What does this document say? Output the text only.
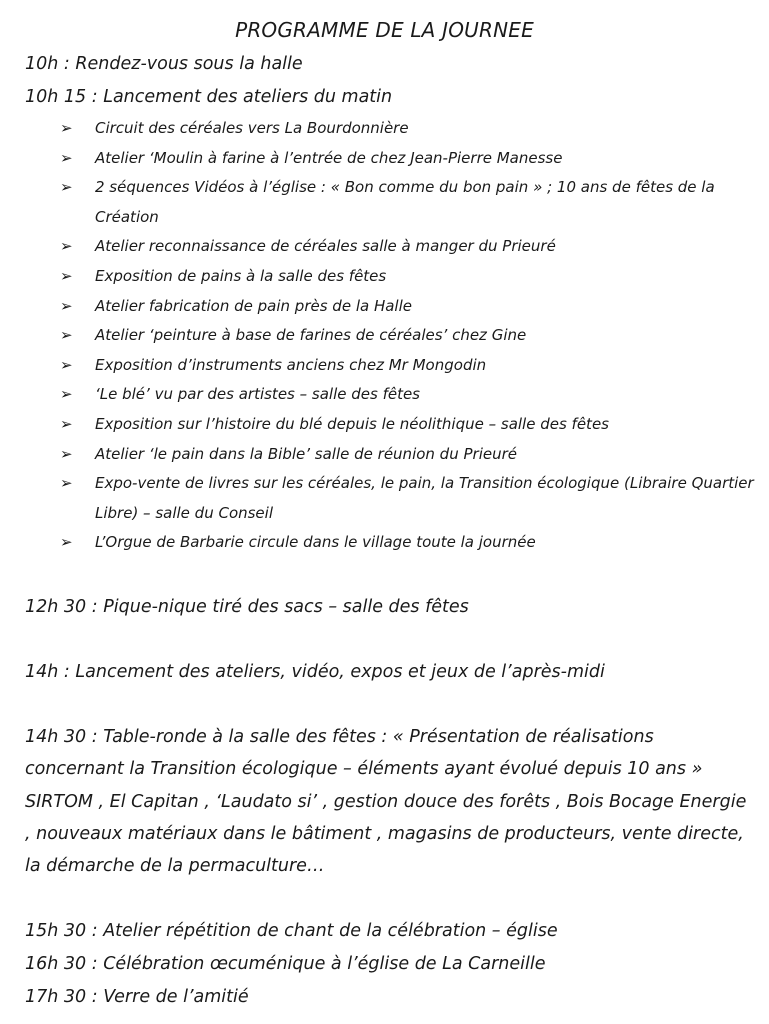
PROGRAMME DE LA JOURNEE
10h : Rendez-vous sous la halle
10h 15 : Lancement des ateliers du matin
➢	Circuit des céréales vers La Bourdonnière
➢	Atelier ‘Moulin à farine à l’entrée de chez Jean-Pierre Manesse
➢	2 séquences Vidéos à l’église : « Bon comme du bon pain » ; 10 ans de fêtes de la Création
➢	Atelier reconnaissance de céréales salle à manger du Prieuré
➢	Exposition de pains à la salle des fêtes
➢	Atelier fabrication de pain près de la Halle
➢	Atelier ‘peinture à base de farines de céréales’ chez Gine
➢	Exposition d’instruments anciens chez Mr Mongodin
➢	‘Le blé’ vu par des artistes – salle des fêtes
➢	Exposition sur l’histoire du blé depuis le néolithique – salle des fêtes
➢	Atelier ‘le pain dans la Bible’ salle de réunion du Prieuré
➢	Expo-vente de livres sur les céréales, le pain, la Transition écologique (Libraire Quartier Libre) – salle du Conseil
➢	L’Orgue de Barbarie circule dans le village toute la journée
12h 30 : Pique-nique tiré des sacs – salle des fêtes
14h : Lancement des ateliers, vidéo, expos et jeux de l’après-midi
14h 30 : Table-ronde à la salle des fêtes : « Présentation de réalisations concernant la Transition écologique – éléments ayant évolué depuis 10 ans » SIRTOM , El Capitan , ‘Laudato si’ , gestion douce des forêts , Bois Bocage Energie , nouveaux matériaux dans le bâtiment , magasins de producteurs, vente directe, la démarche de la permaculture…
15h 30 : Atelier répétition de chant de la célébration – église
16h 30 : Célébration œcuménique à l’église de La Carneille
17h 30 : Verre de l’amitié
